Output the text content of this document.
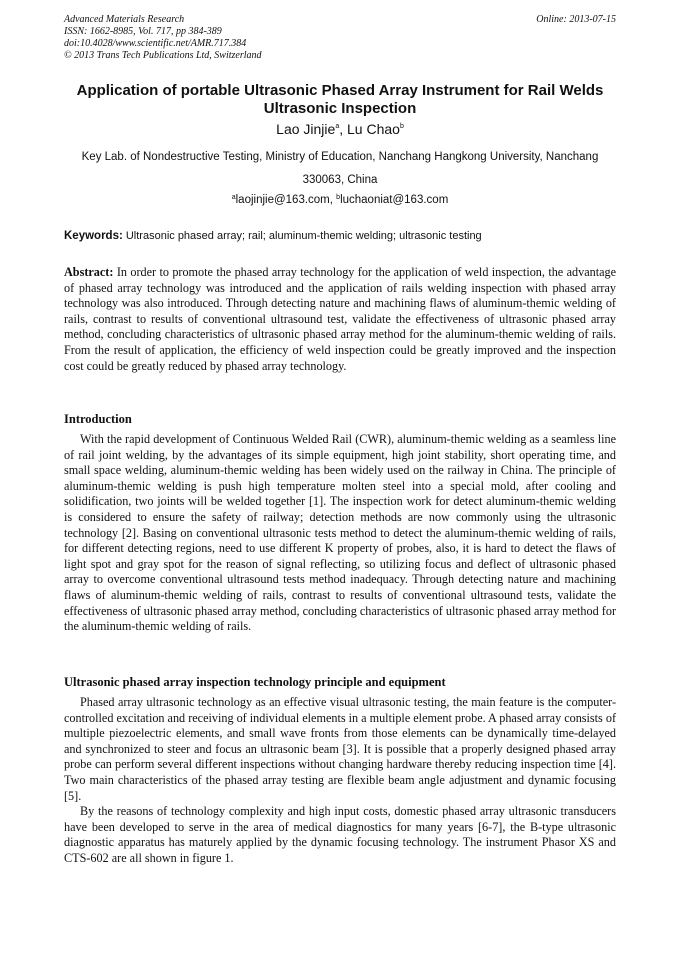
Advanced Materials Research
ISSN: 1662-8985, Vol. 717, pp 384-389
doi:10.4028/www.scientific.net/AMR.717.384
© 2013 Trans Tech Publications Ltd, Switzerland
Online: 2013-07-15
Application of portable Ultrasonic Phased Array Instrument for Rail Welds Ultrasonic Inspection
Lao Jinjie$^a$, Lu Chao$^b$
Key Lab. of Nondestructive Testing, Ministry of Education, Nanchang Hangkong University, Nanchang 330063, China
$^a$laojinjie@163.com, $^b$luchaoniat@163.com
Keywords: Ultrasonic phased array; rail; aluminum-themic welding; ultrasonic testing
Abstract: In order to promote the phased array technology for the application of weld inspection, the advantage of phased array technology was introduced and the application of rails welding inspection with phased array technology was also introduced. Through detecting nature and machining flaws of aluminum-themic welding of rails, contrast to results of conventional ultrasound test, validate the effectiveness of ultrasonic phased array method, concluding characteristics of ultrasonic phased array method for the aluminum-themic welding of rails. From the result of application, the efficiency of weld inspection could be greatly improved and the inspection cost could be greatly reduced by phased array technology.
Introduction

With the rapid development of Continuous Welded Rail (CWR), aluminum-themic welding as a seamless line of rail joint welding, by the advantages of its simple equipment, high joint stability, short operating time, and small space welding, aluminum-themic welding has been widely used on the railway in China. The principle of aluminum-themic welding is push high temperature molten steel into a special mold, after cooling and solidification, two joints will be welded together [1]. The inspection work for detect aluminum-themic welding is considered to ensure the safety of railway; detection methods are now commonly using the ultrasonic technology [2]. Basing on conventional ultrasonic tests method to detect the aluminum-themic welding of rails, for different detecting regions, need to use different K property of probes, also, it is hard to detect the flaws of light spot and gray spot for the reason of signal reflecting, so utilizing focus and deflect of ultrasonic phased array to overcome conventional ultrasound tests method inadequacy. Through detecting nature and machining flaws of aluminum-themic welding of rails, contrast to results of conventional ultrasound tests, validate the effectiveness of ultrasonic phased array method, concluding characteristics of ultrasonic phased array method for the aluminum-themic welding of rails.

Ultrasonic phased array inspection technology principle and equipment

Phased array ultrasonic technology as an effective visual ultrasonic testing, the main feature is the computer-controlled excitation and receiving of individual elements in a multiple element probe. A phased array consists of multiple piezoelectric elements, and small wave fronts from those elements can be dynamically time-delayed and synchronized to steer and focus an ultrasonic beam [3]. It is possible that a properly designed phased array probe can perform several different inspections without changing hardware thereby reducing inspection time [4]. Two main characteristics of the phased array testing are flexible beam angle adjustment and dynamic focusing [5].

By the reasons of technology complexity and high input costs, domestic phased array ultrasonic transducers have been developed to serve in the area of medical diagnostics for many years [6-7], the B-type ultrasonic diagnostic apparatus has maturely applied by the dynamic focusing technology. The instrument Phasor XS and CTS-602 are all shown in figure 1.
